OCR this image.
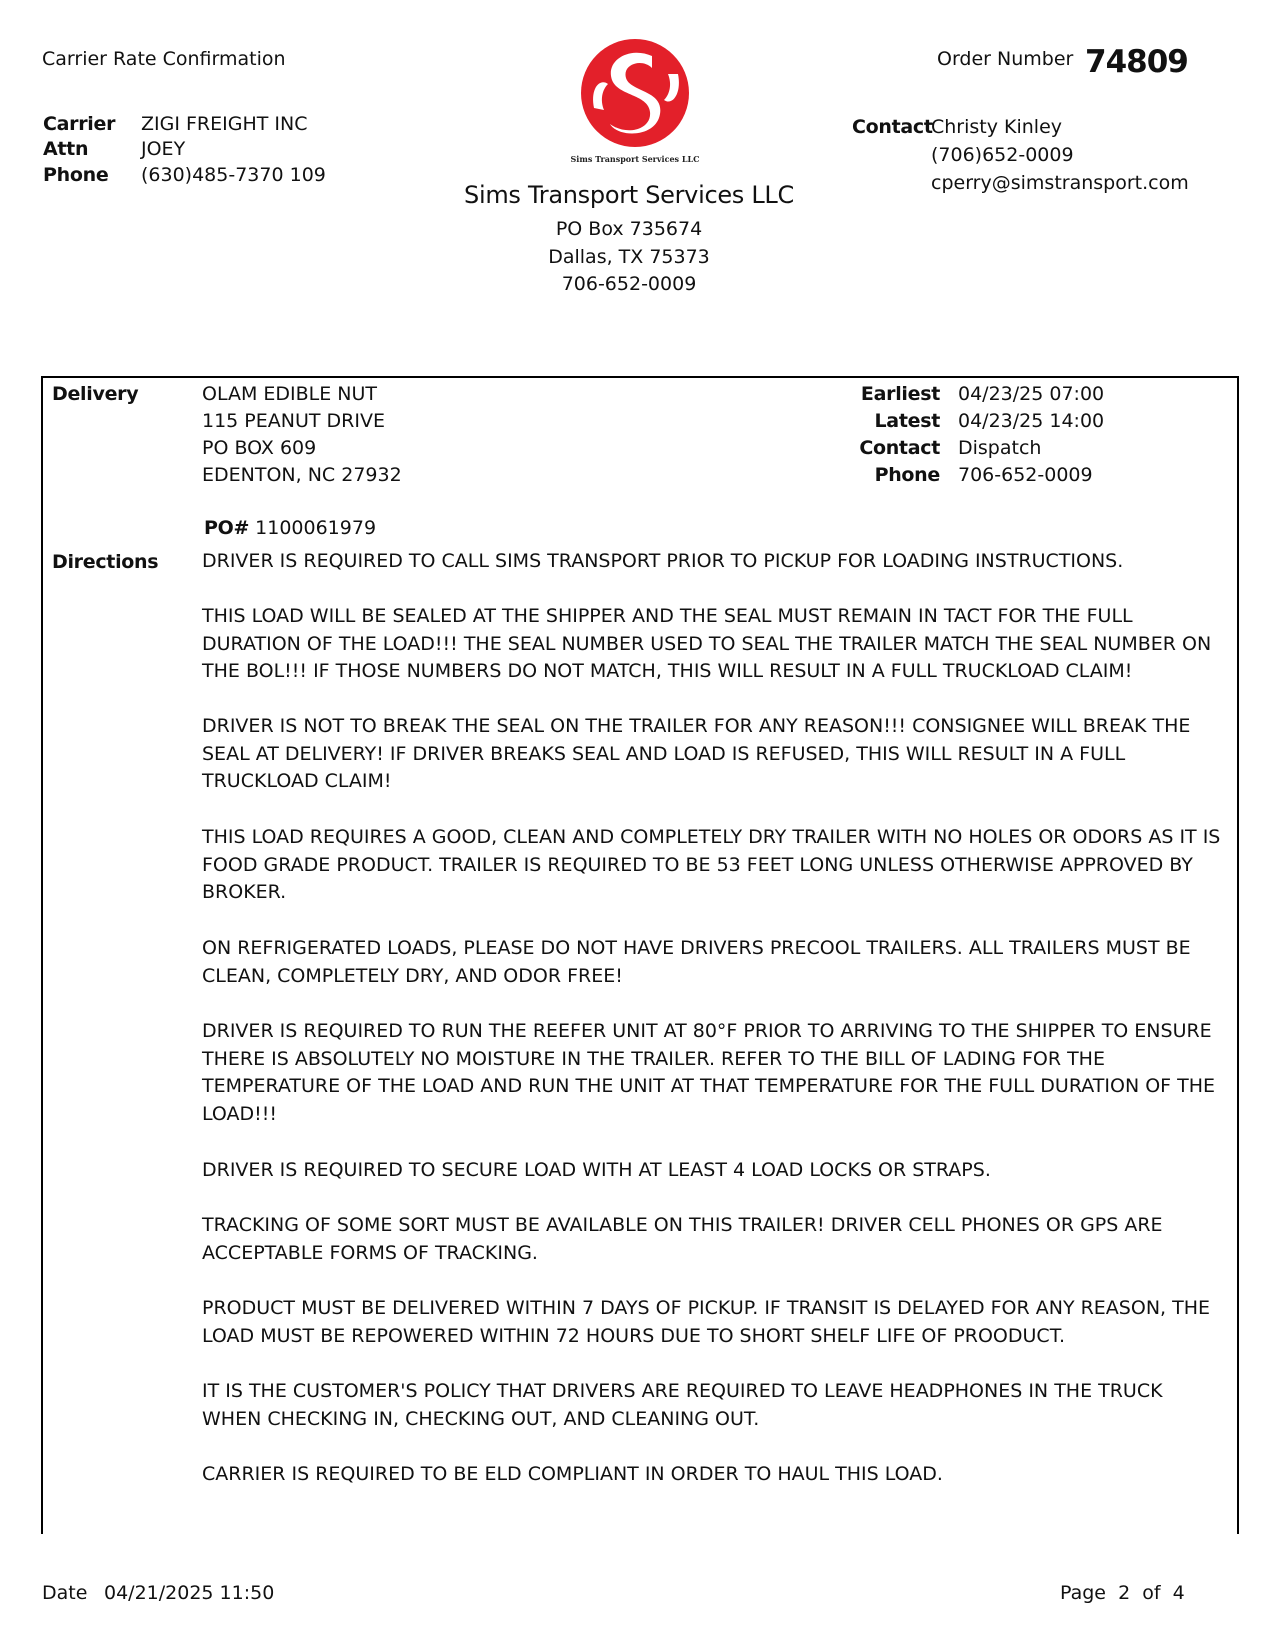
Carrier Rate Confirmation	Order Number 74809
Carrier ZIGI FREIGHT INC
Attn	JOEY
Phone (630)485-7370 109
Sims Transport Services LLC
Contact
Christy Kinley
(706)652-0009
cperry@simstransport.com
Sims Transport Services LLC
PO Box 735674
Dallas, TX 75373
706-652-0009
Delivery	OLAM EDIBLE NUT
115 PEANUT DRIVE
PO BOX 609
EDENTON, NC 27932
Earliest 04/23/25 07:00
Latest 04/23/25 14:00
Contact Dispatch
Phone 706-652-0009
PO# 1100061979
Directions DRIVER IS REQUIRED TO CALL SIMS TRANSPORT PRIOR TO PICKUP FOR LOADING INSTRUCTIONS.
THIS LOAD WILL BE SEALED AT THE SHIPPER AND THE SEAL MUST REMAIN IN TACT FOR THE FULL DURATION OF THE LOAD!!! THE SEAL NUMBER USED TO SEAL THE TRAILER MATCH THE SEAL NUMBER ON THE BOL!!! IF THOSE NUMBERS DO NOT MATCH, THIS WILL RESULT IN A FULL TRUCKLOAD CLAIM!
DRIVER IS NOT TO BREAK THE SEAL ON THE TRAILER FOR ANY REASON!!! CONSIGNEE WILL BREAK THE SEAL AT DELIVERY! IF DRIVER BREAKS SEAL AND LOAD IS REFUSED, THIS WILL RESULT IN A FULL TRUCKLOAD CLAIM!
THIS LOAD REQUIRES A GOOD, CLEAN AND COMPLETELY DRY TRAILER WITH NO HOLES OR ODORS AS IT IS FOOD GRADE PRODUCT. TRAILER IS REQUIRED TO BE 53 FEET LONG UNLESS OTHERWISE APPROVED BY BROKER.
ON REFRIGERATED LOADS, PLEASE DO NOT HAVE DRIVERS PRECOOL TRAILERS. ALL TRAILERS MUST BE CLEAN, COMPLETELY DRY, AND ODOR FREE!
DRIVER IS REQUIRED TO RUN THE REEFER UNIT AT 80°F PRIOR TO ARRIVING TO THE SHIPPER TO ENSURE THERE IS ABSOLUTELY NO MOISTURE IN THE TRAILER. REFER TO THE BILL OF LADING FOR THE TEMPERATURE OF THE LOAD AND RUN THE UNIT AT THAT TEMPERATURE FOR THE FULL DURATION OF THE LOAD!!!
DRIVER IS REQUIRED TO SECURE LOAD WITH AT LEAST 4 LOAD LOCKS OR STRAPS.
TRACKING OF SOME SORT MUST BE AVAILABLE ON THIS TRAILER! DRIVER CELL PHONES OR GPS ARE ACCEPTABLE FORMS OF TRACKING.
PRODUCT MUST BE DELIVERED WITHIN 7 DAYS OF PICKUP. IF TRANSIT IS DELAYED FOR ANY REASON, THE LOAD MUST BE REPOWERED WITHIN 72 HOURS DUE TO SHORT SHELF LIFE OF PROODUCT.
IT IS THE CUSTOMER'S POLICY THAT DRIVERS ARE REQUIRED TO LEAVE HEADPHONES IN THE TRUCK WHEN CHECKING IN, CHECKING OUT, AND CLEANING OUT.
CARRIER IS REQUIRED TO BE ELD COMPLIANT IN ORDER TO HAUL THIS LOAD.
Date 04/21/2025 11:50	Page  2  of  4
